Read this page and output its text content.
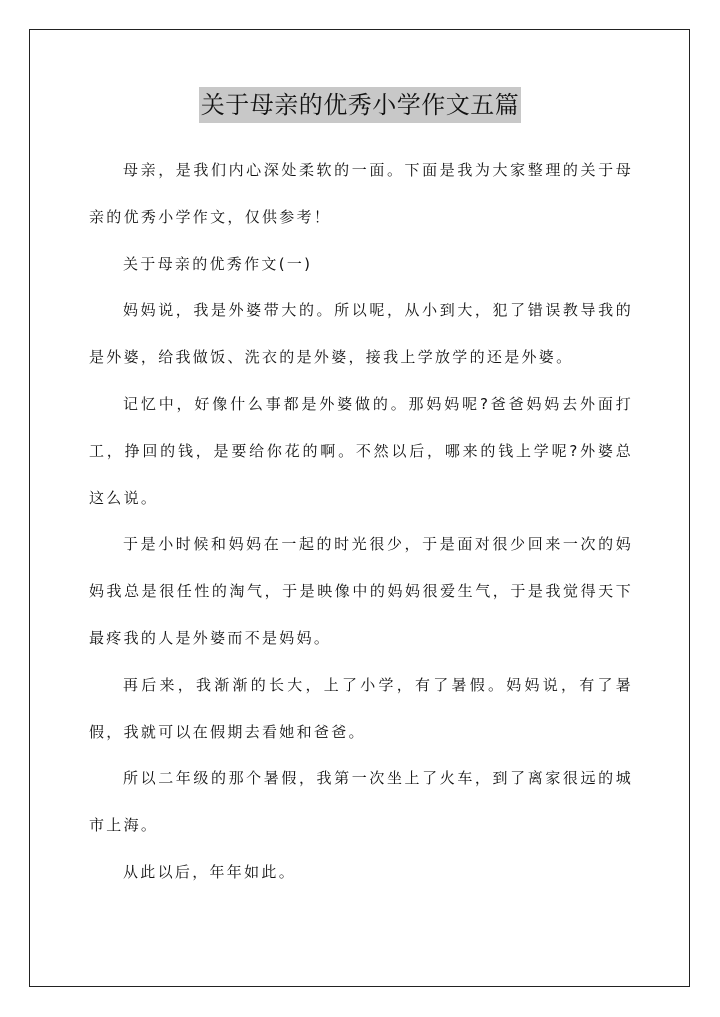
关于母亲的优秀小学作文五篇

母亲，是我们内心深处柔软的一面。下面是我为大家整理的关于母亲的优秀小学作文，仅供参考！

关于母亲的优秀作文(一)

妈妈说，我是外婆带大的。所以呢，从小到大，犯了错误教导我的是外婆，给我做饭、洗衣的是外婆，接我上学放学的还是外婆。

记忆中，好像什么事都是外婆做的。那妈妈呢?爸爸妈妈去外面打工，挣回的钱，是要给你花的啊。不然以后，哪来的钱上学呢?外婆总这么说。

于是小时候和妈妈在一起的时光很少，于是面对很少回来一次的妈妈我总是很任性的淘气，于是映像中的妈妈很爱生气，于是我觉得天下最疼我的人是外婆而不是妈妈。

再后来，我渐渐的长大，上了小学，有了暑假。妈妈说，有了暑假，我就可以在假期去看她和爸爸。

所以二年级的那个暑假，我第一次坐上了火车，到了离家很远的城市上海。

从此以后，年年如此。
